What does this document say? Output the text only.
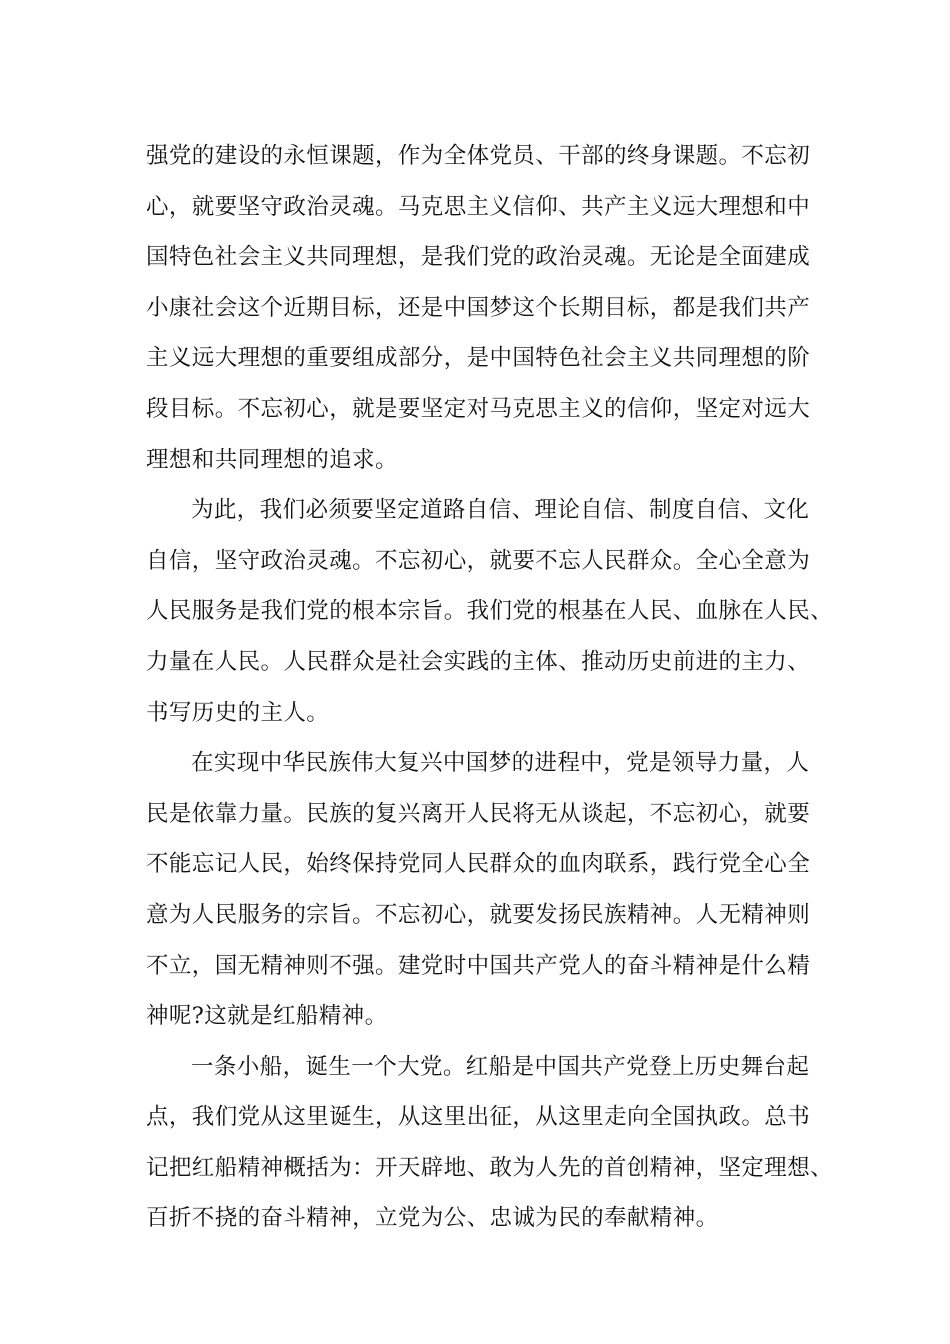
强党的建设的永恒课题，作为全体党员、干部的终身课题。不忘初
心，就要坚守政治灵魂。马克思主义信仰、共产主义远大理想和中
国特色社会主义共同理想，是我们党的政治灵魂。无论是全面建成
小康社会这个近期目标，还是中国梦这个长期目标，都是我们共产
主义远大理想的重要组成部分，是中国特色社会主义共同理想的阶
段目标。不忘初心，就是要坚定对马克思主义的信仰，坚定对远大
理想和共同理想的追求。
为此，我们必须要坚定道路自信、理论自信、制度自信、文化
自信，坚守政治灵魂。不忘初心，就要不忘人民群众。全心全意为
人民服务是我们党的根本宗旨。我们党的根基在人民、血脉在人民、
力量在人民。人民群众是社会实践的主体、推动历史前进的主力、
书写历史的主人。
在实现中华民族伟大复兴中国梦的进程中，党是领导力量，人
民是依靠力量。民族的复兴离开人民将无从谈起，不忘初心，就要
不能忘记人民，始终保持党同人民群众的血肉联系，践行党全心全
意为人民服务的宗旨。不忘初心，就要发扬民族精神。人无精神则
不立，国无精神则不强。建党时中国共产党人的奋斗精神是什么精
神呢?这就是红船精神。
一条小船，诞生一个大党。红船是中国共产党登上历史舞台起
点，我们党从这里诞生，从这里出征，从这里走向全国执政。总书
记把红船精神概括为：开天辟地、敢为人先的首创精神，坚定理想、
百折不挠的奋斗精神，立党为公、忠诚为民的奉献精神。
